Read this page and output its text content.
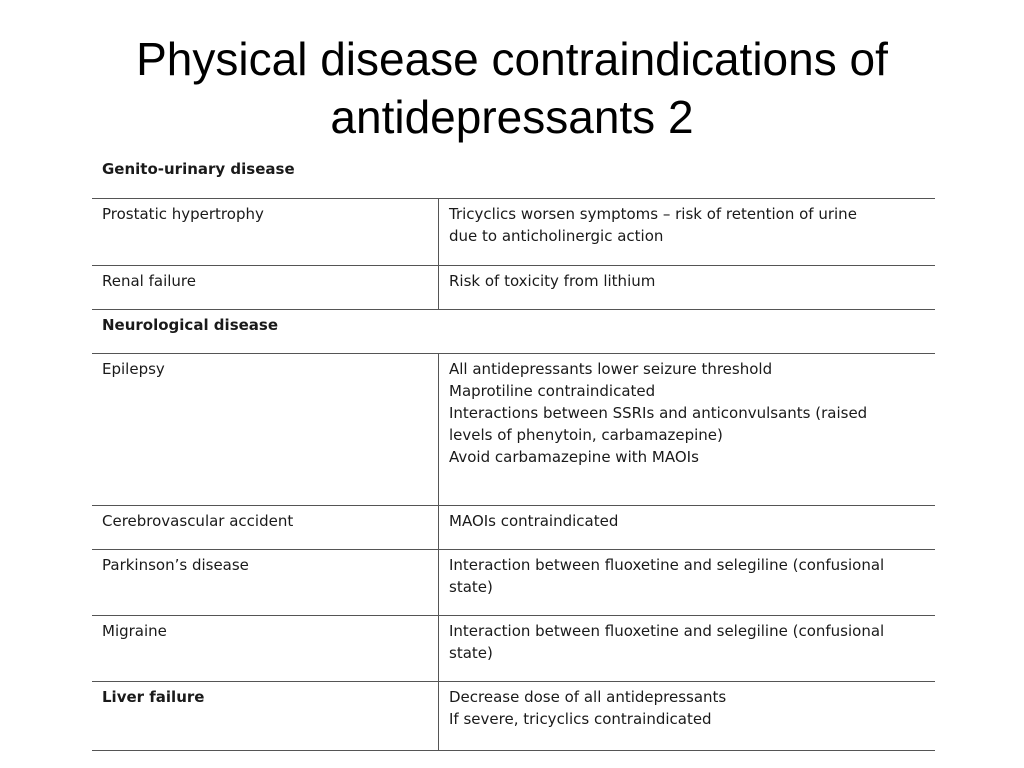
Physical disease contraindications of
antidepressants 2
Genito-urinary disease	
Prostatic hypertrophy	Tricyclics worsen symptoms – risk of retention of urine
due to anticholinergic action

Renal failure	Risk of toxicity from lithium

Neurological disease	
Epilepsy	All antidepressants lower seizure threshold
Maprotiline contraindicated
Interactions between SSRIs and anticonvulsants (raised
levels of phenytoin, carbamazepine)
Avoid carbamazepine with MAOIs

Cerebrovascular accident	MAOIs contraindicated

Parkinson’s disease	Interaction between fluoxetine and selegiline (confusional
state)

Migraine	Interaction between fluoxetine and selegiline (confusional
state)

Liver failure	Decrease dose of all antidepressants
If severe, tricyclics contraindicated
